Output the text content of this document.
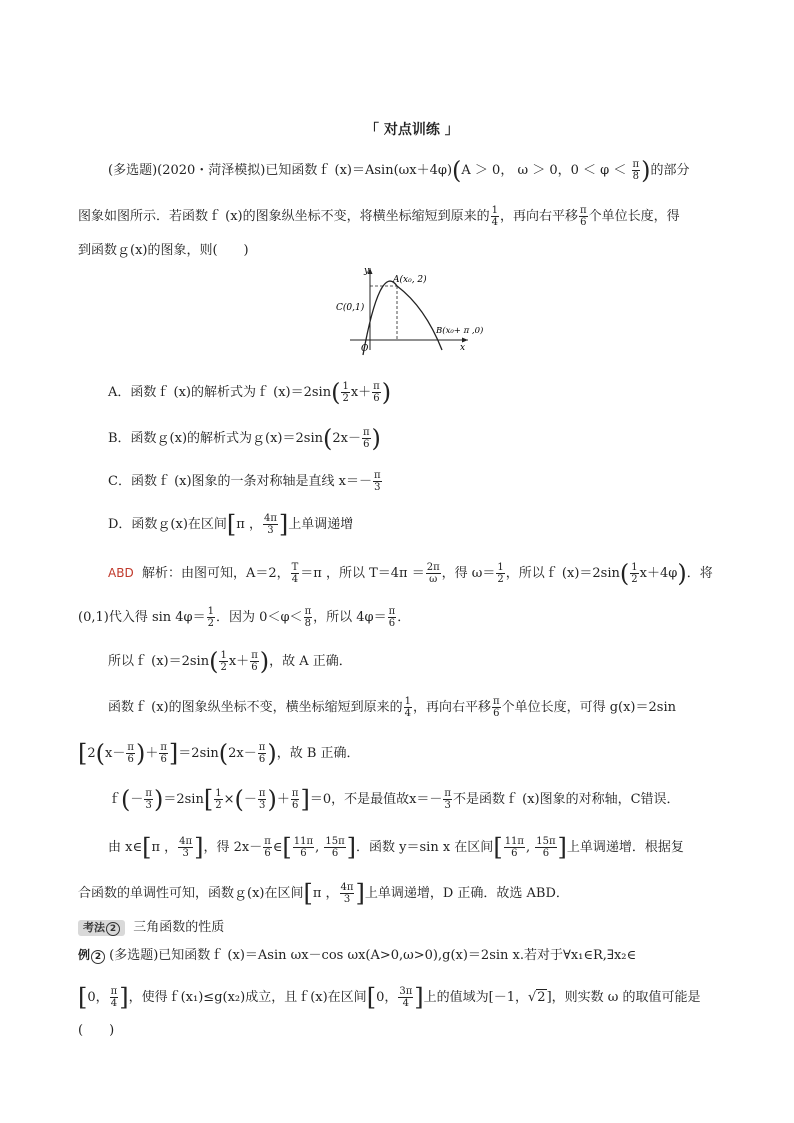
「 对点训练 」
(多选题)(2020・菏泽模拟)已知函数ｆ (x)＝Asin(ωx＋4φ)(A ＞ 0， ω ＞ 0，$0 < \varphi < \frac{\pi}{8}$ )的部分
图象如图所示．若函数ｆ (x)的图象纵坐标不变，将横坐标缩短到原来的 $\frac{1}{4}$ ，再向右平移 $\frac{\pi}{6}$ 个单位长度，得
到函数ｇ(x)的图象，则(　　)
y
x
O
A(x₀, 2)
C(0,1)
B(x₀+ π ,0)
A．函数ｆ (x)的解析式为ｆ $(x)=2\sin( \frac{1}{2} x+ \frac{\pi}{6}$ )
B．函数ｇ(x)的解析式为ｇ(x)＝2sin(2x－ $\frac{\pi}{6}$ )
C．函数ｆ (x)图象的一条对称轴是直线 $x=- \frac{\pi}{3}$
D．函数ｇ(x)在区间[π ， $\frac{4\pi}{3}$ ]上单调递增
ABD 解析：由图可知，A＝2， $\frac{T}{4} =\pi$ ，所以 $T=4\pi = \frac{2\pi}{\omega}$ ，得 $\omega= \frac{1}{2}$ ，所以ｆ $(x)=2\sin( \frac{1}{2} x+4\varphi)$．将
(0,1)代入得 $\sin 4\varphi= \frac{1}{2}$ ．因为 $0<\varphi< \frac{\pi}{8}$ ，所以 $4\varphi= \frac{\pi}{6}$ ．
所以ｆ $(x)=2\sin( \frac{1}{2} x+ \frac{\pi}{6}$ )，故 A 正确．
函数ｆ (x)的图象纵坐标不变，横坐标缩短到原来的 $\frac{1}{4}$ ，再向右平移 $\frac{\pi}{6}$ 个单位长度，可得 g(x)＝2sin
[$2(x- \frac{\pi}{6}$ )＋ $\frac{\pi}{6} ]=2\sin(2x- \frac{\pi}{6}$ )，故 B 正确．
ｆ(－ $\frac{\pi}{3} )=2\sin[ \frac{1}{2}$ ×(－ $\frac{\pi}{3}$ )＋ $\frac{\pi}{6} ]=0$，不是最值故$x=- \frac{\pi}{3}$ 不是函数ｆ (x)图象的对称轴，C错误．
由 x∈[π ， $\frac{4\pi}{3}$ ]，得 $2x- \frac{\pi}{6}$ ∈[ $\frac{11\pi}{6}$ , $\frac{15\pi}{6}$ ]．函数 y＝sin x 在区间[ $\frac{11\pi}{6}$ , $\frac{15\pi}{6}$ ]上单调递增．根据复
合函数的单调性可知，函数ｇ(x)在区间[π ， $\frac{4\pi}{3}$ ]上单调递增，D 正确．故选 ABD．
考法 2 三角函数的性质
例 2 (多选题)已知函数ｆ (x)＝Asin ωx－cos ωx(A>0,ω>0),g(x)＝2sin x.若对于∀x₁∈R,∃x₂∈
[0， $\frac{\pi}{4}$ ]，使得ｆ(x₁)≤g(x₂)成立，且ｆ(x)在区间[0， $\frac{3\pi}{4}$ ]上的值域为[－1，√2]，则实数 ω 的取值可能是
(　　)
